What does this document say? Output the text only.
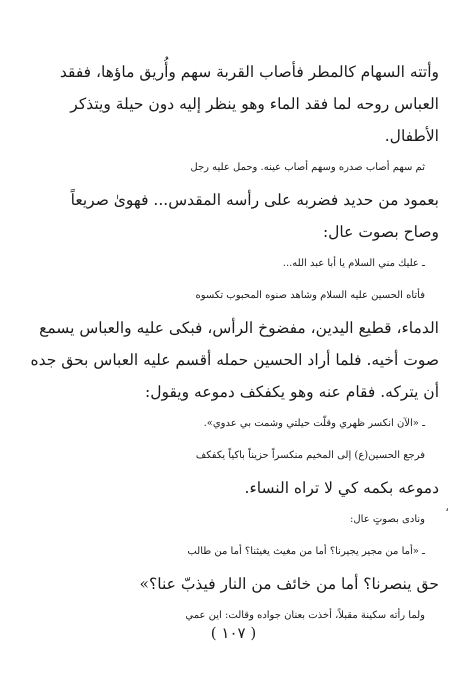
،
وأتته السهام كالمطر فأصاب القربة سهم وأُريق ماؤها، ففقد
العباس روحه لما فقد الماء وهو ينظر إليه دون حيلة ويتذكر
الأطفال.
ثم سهم أصاب صدره وسهم أصاب عينه. وحمل عليه رجل
بعمود من حديد فضربه على رأسه المقدس... فهوىٰ صريعاً
وصاح بصوت عال:
ـ عليك مني السلام يا أبا عبد الله...
فأتاه الحسين عليه السلام وشاهد صنوه المحبوب تكسوه
الدماء، قطيع اليدين، مفضوخ الرأس، فبكى عليه والعباس يسمع
صوت أخيه. فلما أراد الحسين حمله أقسم عليه العباس بحق جده
أن يتركه. فقام عنه وهو يكفكف دموعه ويقول:
ـ «الآن انكسر ظهري وقلّت حيلتي وشمت بي عدوي».
فرجع الحسين(ع) إلى المخيم منكسراً حزيناً باكياً يكفكف
دموعه بكمه كي لا تراه النساء.
ونادى بصوتٍ عال:
ـ «أما من مجير يجيرنا؟ أما من مغيث يغيثنا؟ أما من طالب
حق ينصرنا؟ أما من خائف من النار فيذبّ عنا؟»
ولما رأته سكينة مقبلاً، أخذت بعنان جواده وقالت: اين عمي
( ١٠٧ )
